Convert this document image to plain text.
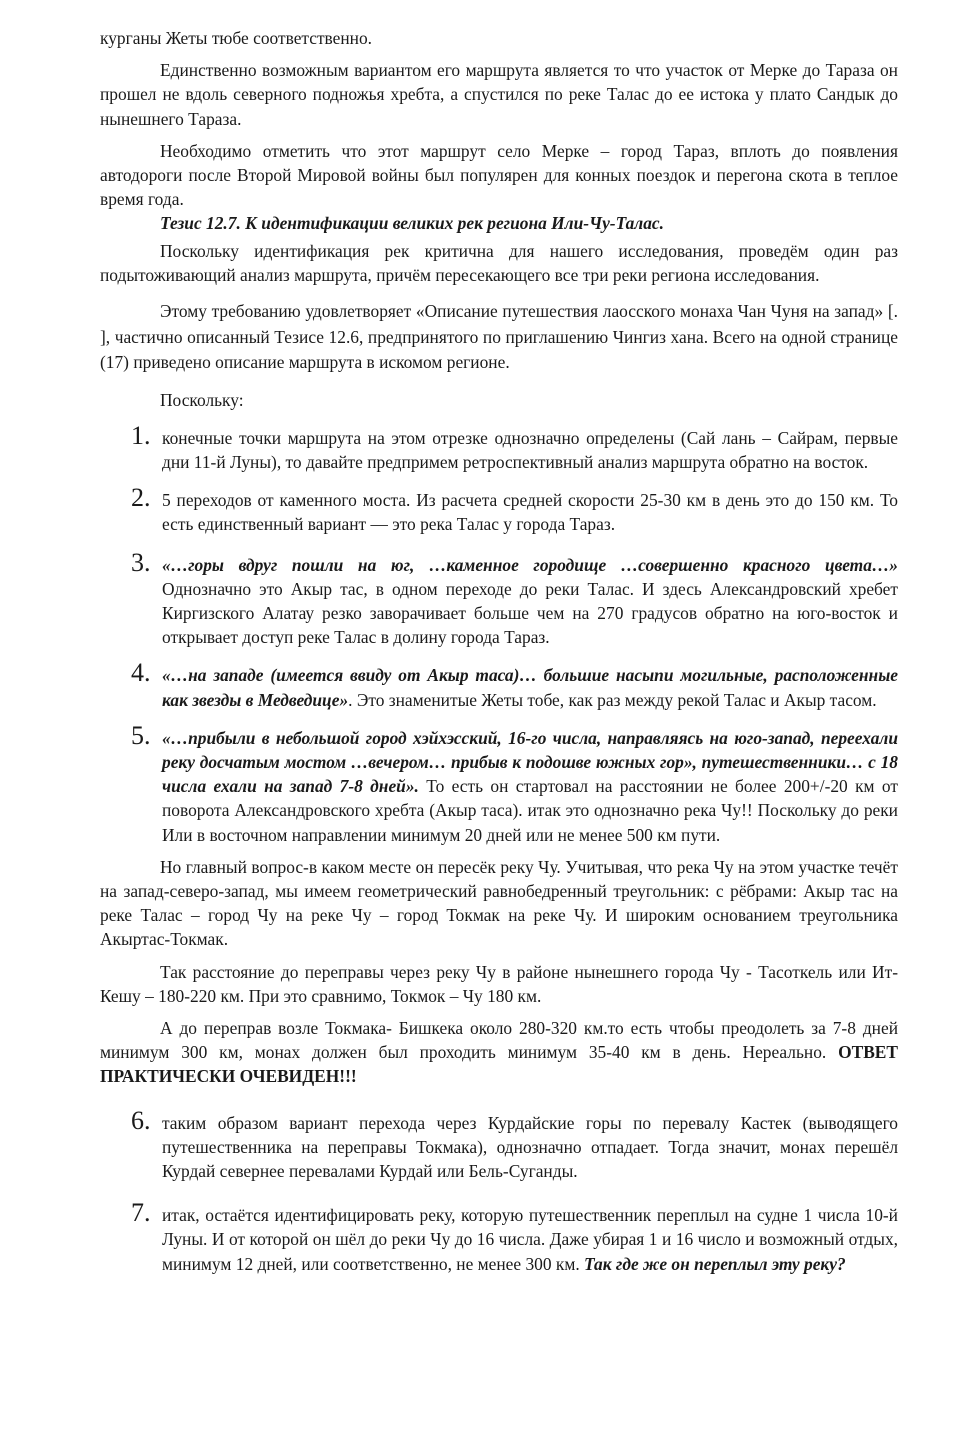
курганы Жеты тюбе соответственно.

Единственно возможным вариантом его маршрута является то что участок от Мерке до Тараза он прошел не вдоль северного подножья хребта, а спустился по реке Талас до ее истока у плато Сандык до нынешнего Тараза.

Необходимо отметить что этот маршрут село Мерке – город Тараз, вплоть до появления автодороги после Второй Мировой войны был популярен для конных поездок и перегона скота в теплое время года.

Тезис 12.7. К идентификации великих рек региона Или-Чу-Талас.

Поскольку идентификация рек критична для нашего исследования, проведём один раз подытоживающий анализ маршрута, причём пересекающего все три реки региона исследования.

Этому требованию удовлетворяет «Описание путешествия лаосского монаха Чан Чуня на запад» [. ], частично описанный Тезисе 12.6, предпринятого по приглашению Чингиз хана. Всего на одной странице (17) приведено описание маршрута в искомом регионе.

Поскольку:

1. конечные точки маршрута на этом отрезке однозначно определены (Сай лань – Сайрам, первые дни 11-й Луны), то давайте предпримем ретроспективный анализ маршрута обратно на восток.
2. 5 переходов от каменного моста. Из расчета средней скорости 25-30 км в день это до 150 км. То есть единственный вариант — это река Талас у города Тараз.
3. «…горы вдруг пошли на юг, …каменное городище …совершенно красного цвета…» Однозначно это Акыр тас, в одном переходе до реки Талас. И здесь Александровский хребет Киргизского Алатау резко заворачивает больше чем на 270 градусов обратно на юго-восток и открывает доступ реке Талас в долину города Тараз.
4. «…на западе (имеется ввиду от Акыр таса)… большие насыпи могильные, расположенные как звезды в Медведице». Это знаменитые Жеты тобе, как раз между рекой Талас и Акыр тасом.
5. «…прибыли в небольшой город хэйхэсский, 16-го числа, направляясь на юго-запад, переехали реку досчатым мостом …вечером… прибыв к подошве южных гор», путешественники… с 18 числа ехали на запад 7-8 дней». То есть он стартовал на расстоянии не более 200+/-20 км от поворота Александровского хребта (Акыр таса). итак это однозначно река Чу!! Поскольку до реки Или в восточном направлении минимум 20 дней или не менее 500 км пути.

Но главный вопрос-в каком месте он пересёк реку Чу. Учитывая, что река Чу на этом участке течёт на запад-северо-запад, мы имеем геометрический равнобедренный треугольник: с рёбрами: Акыр тас на реке Талас – город Чу на реке Чу – город Токмак на реке Чу. И широким основанием треугольника Акыртас-Токмак.

Так расстояние до переправы через реку Чу в районе нынешнего города Чу - Тасоткель или Ит-Кешу – 180-220 км. При это сравнимо, Токмок – Чу 180 км.

А до переправ возле Токмака- Бишкека около 280-320 км.то есть чтобы преодолеть за 7-8 дней минимум 300 км, монах должен был проходить минимум 35-40 км в день. Нереально. ОТВЕТ ПРАКТИЧЕСКИ ОЧЕВИДЕН!!!

6. таким образом вариант перехода через Курдайские горы по перевалу Кастек (выводящего путешественника на переправы Токмака), однозначно отпадает. Тогда значит, монах перешёл Курдай севернее перевалами Курдай или Бель-Суганды.
7. итак, остаётся идентифицировать реку, которую путешественник переплыл на судне 1 числа 10-й Луны. И от которой он шёл до реки Чу до 16 числа. Даже убирая 1 и 16 число и возможный отдых, минимум 12 дней, или соответственно, не менее 300 км. Так где же он переплыл эту реку?
